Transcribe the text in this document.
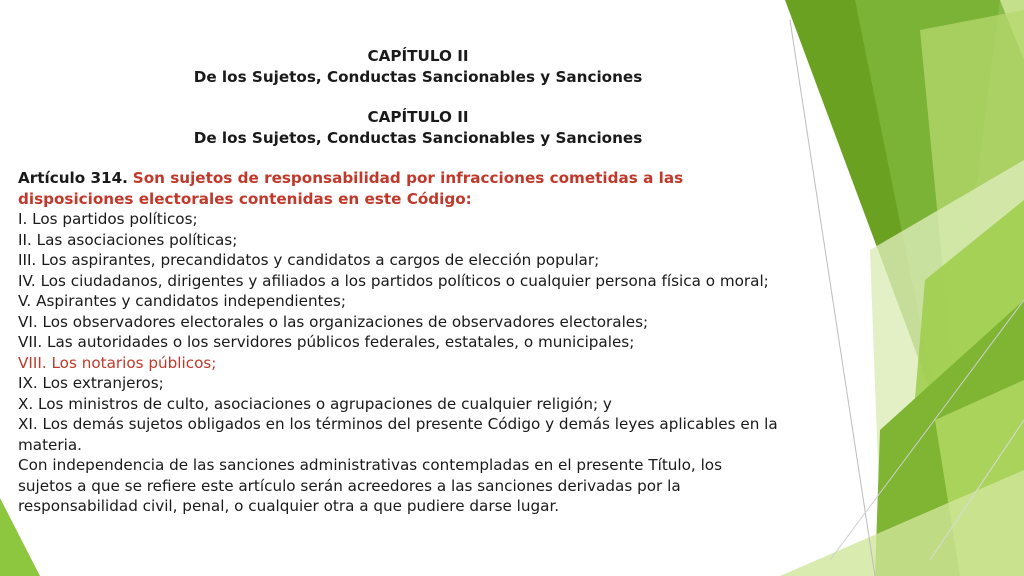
CAPÍTULO II
De los Sujetos, Conductas Sancionables y Sanciones
CAPÍTULO II
De los Sujetos, Conductas Sancionables y Sanciones

Artículo 314. Son sujetos de responsabilidad por infracciones cometidas a las disposiciones electorales contenidas en este Código:

I. Los partidos políticos;
II. Las asociaciones políticas;
III. Los aspirantes, precandidatos y candidatos a cargos de elección popular;
IV. Los ciudadanos, dirigentes y afiliados a los partidos políticos o cualquier persona física o moral;
V. Aspirantes y candidatos independientes;
VI. Los observadores electorales o las organizaciones de observadores electorales;
VII. Las autoridades o los servidores públicos federales, estatales, o municipales;
VIII. Los notarios públicos;
IX. Los extranjeros;
X. Los ministros de culto, asociaciones o agrupaciones de cualquier religión; y
XI. Los demás sujetos obligados en los términos del presente Código y demás leyes aplicables en la materia.

Con independencia de las sanciones administrativas contempladas en el presente Título, los sujetos a que se refiere este artículo serán acreedores a las sanciones derivadas por la responsabilidad civil, penal, o cualquier otra a que pudiere darse lugar.
